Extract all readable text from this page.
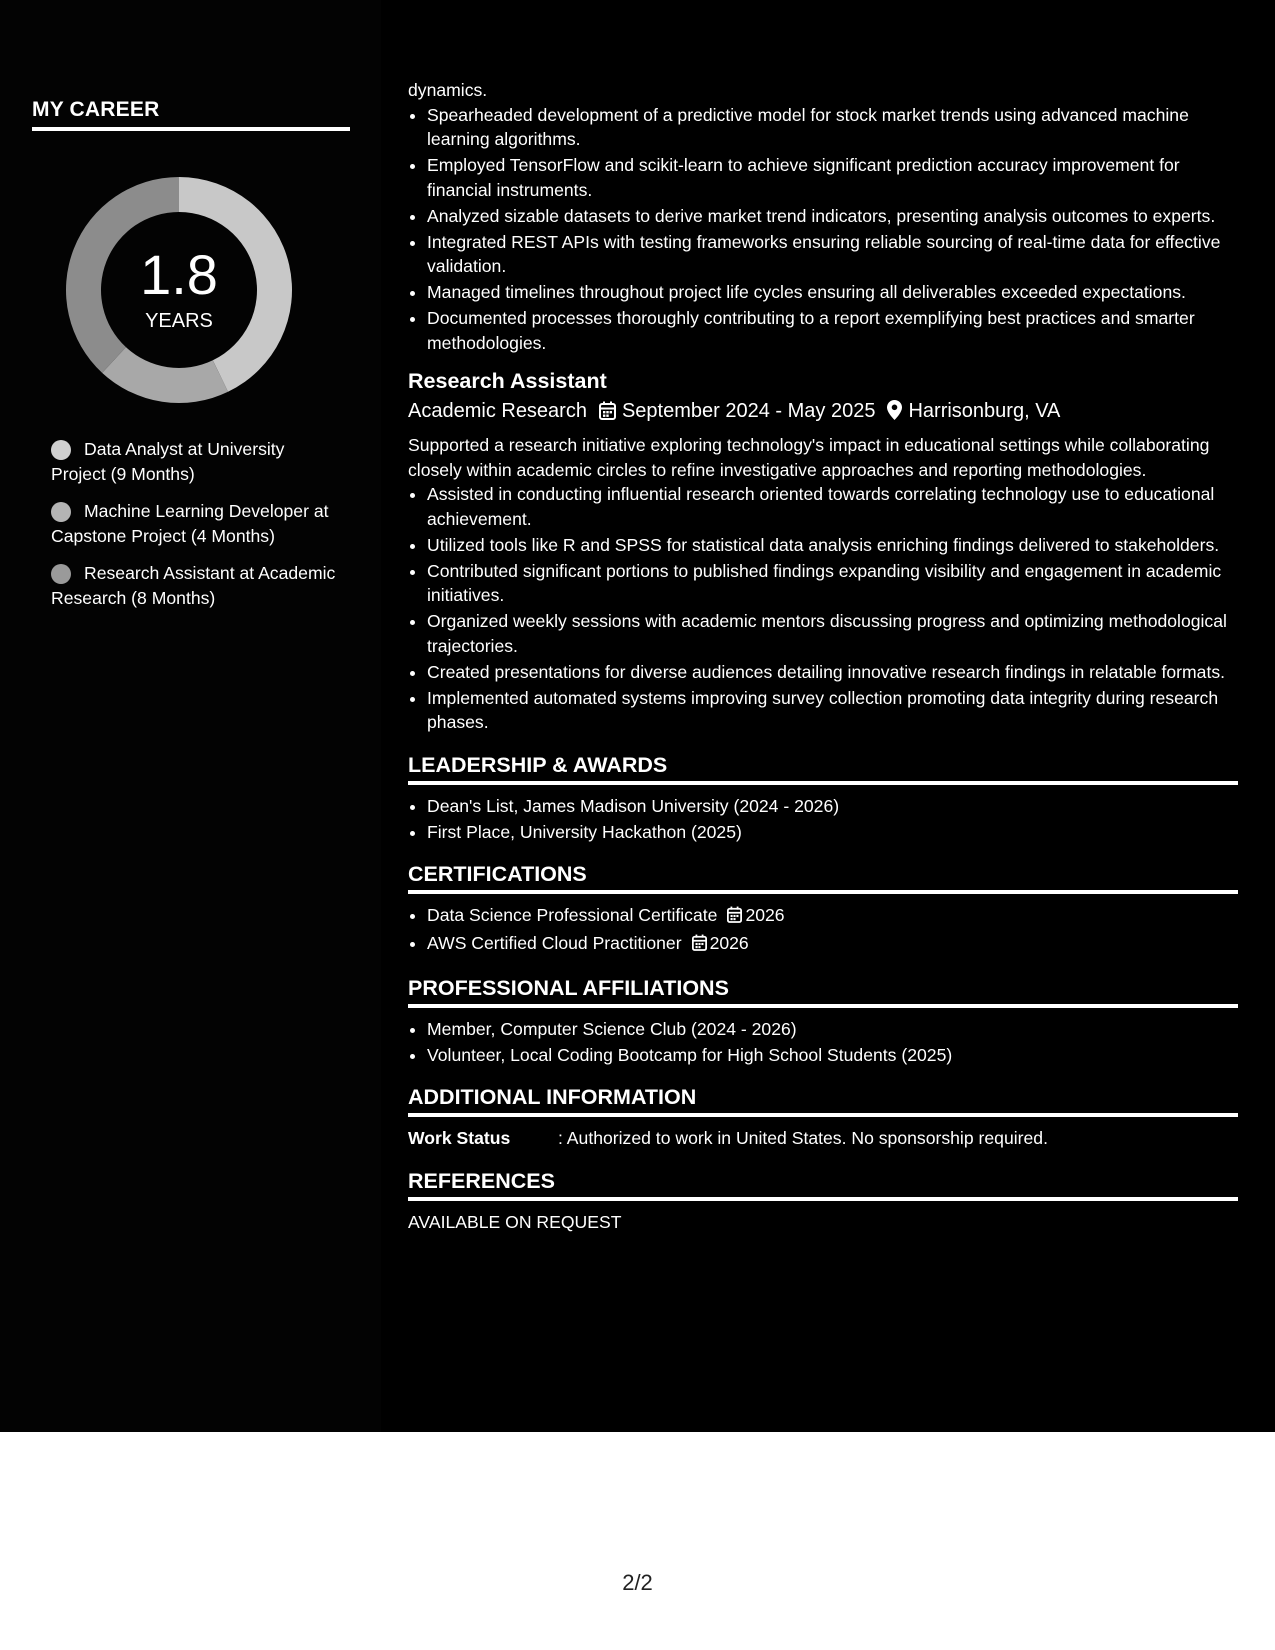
MY CAREER
1.8
YEARS
Data Analyst at University Project (9 Months)
Machine Learning Developer at Capstone Project (4 Months)
Research Assistant at Academic Research (8 Months)

dynamics.

• Spearheaded development of a predictive model for stock market trends using advanced machine learning algorithms.
• Employed TensorFlow and scikit-learn to achieve significant prediction accuracy improvement for financial instruments.
• Analyzed sizable datasets to derive market trend indicators, presenting analysis outcomes to experts.
• Integrated REST APIs with testing frameworks ensuring reliable sourcing of real-time data for effective validation.
• Managed timelines throughout project life cycles ensuring all deliverables exceeded expectations.
• Documented processes thoroughly contributing to a report exemplifying best practices and smarter methodologies.
Research Assistant
Academic Research September 2024 - May 2025 Harrisonburg, VA

Supported a research initiative exploring technology's impact in educational settings while collaborating closely within academic circles to refine investigative approaches and reporting methodologies.

• Assisted in conducting influential research oriented towards correlating technology use to educational achievement.
• Utilized tools like R and SPSS for statistical data analysis enriching findings delivered to stakeholders.
• Contributed significant portions to published findings expanding visibility and engagement in academic initiatives.
• Organized weekly sessions with academic mentors discussing progress and optimizing methodological trajectories.
• Created presentations for diverse audiences detailing innovative research findings in relatable formats.
• Implemented automated systems improving survey collection promoting data integrity during research phases.
LEADERSHIP & AWARDS
• Dean's List, James Madison University (2024 - 2026)
• First Place, University Hackathon (2025)
CERTIFICATIONS
• Data Science Professional Certificate 2026
• AWS Certified Cloud Practitioner 2026
PROFESSIONAL AFFILIATIONS
• Member, Computer Science Club (2024 - 2026)
• Volunteer, Local Coding Bootcamp for High School Students (2025)
ADDITIONAL INFORMATION
Work Status	: Authorized to work in United States. No sponsorship required.
REFERENCES

AVAILABLE ON REQUEST

2/2
